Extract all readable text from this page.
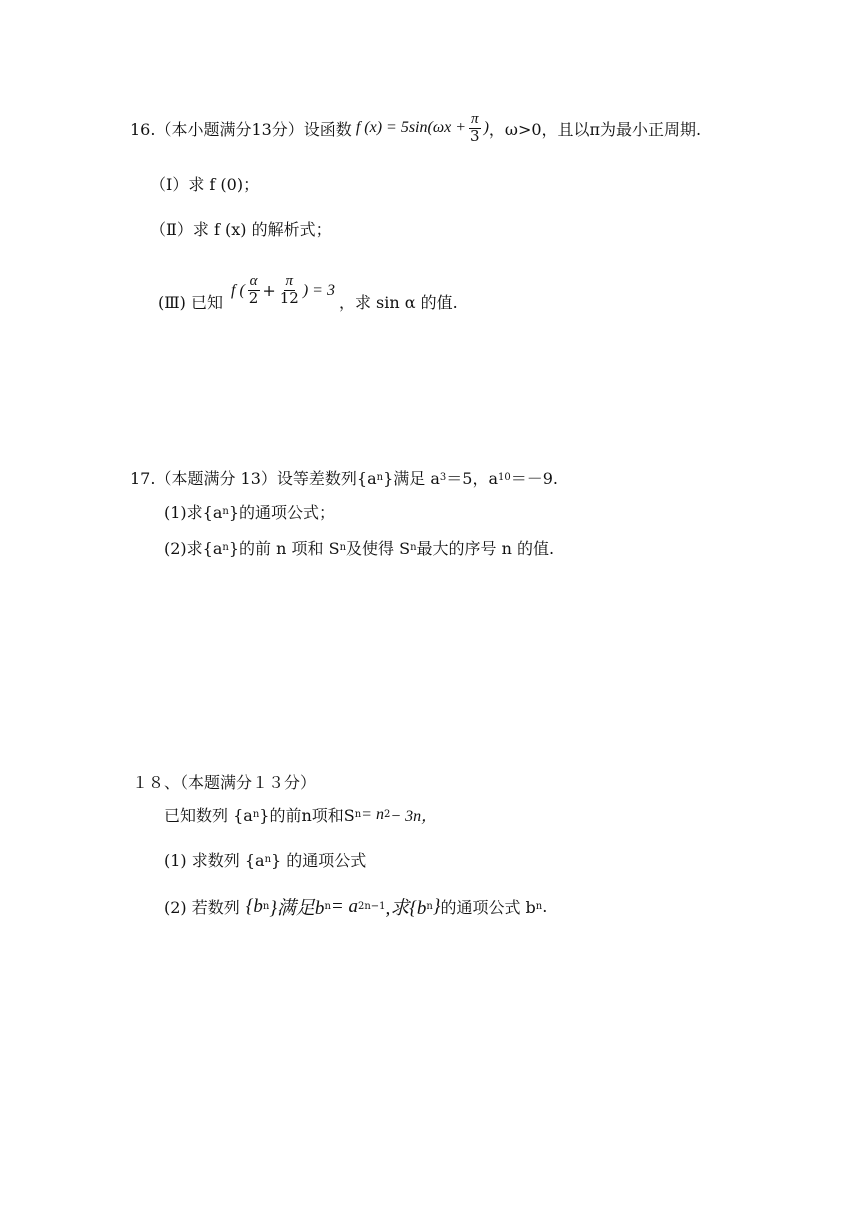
16.（本小题满分13分）设函数 f $(x) = 5\sin(\omega x + \frac{\pi}{3}$ ) ，ω>0，且以π为最小正周期.
（Ⅰ）求 f (0)；
（Ⅱ）求 f (x) 的解析式；
(Ⅲ) 已知
f ( $\frac{\alpha}{2} + \frac{\pi}{12}$ ) = 3
，求 sin α 的值.
17.（本题满分 13）设等差数列{a n }满足 a 3 ＝5，a 10 ＝－9.
(1)求{a n }的通项公式；
(2)求{a n }的前 n 项和 S n 及使得 S n 最大的序号 n 的值.
１８、（本题满分１３分）
已知数列 {a n }的前n项和S n = n 2 − 3n，
(1) 求数列 {a n } 的通项公式
(2) 若数列 {b n }满足b n = a 2n−1 ,求{b n } 的通项公式 b n .
